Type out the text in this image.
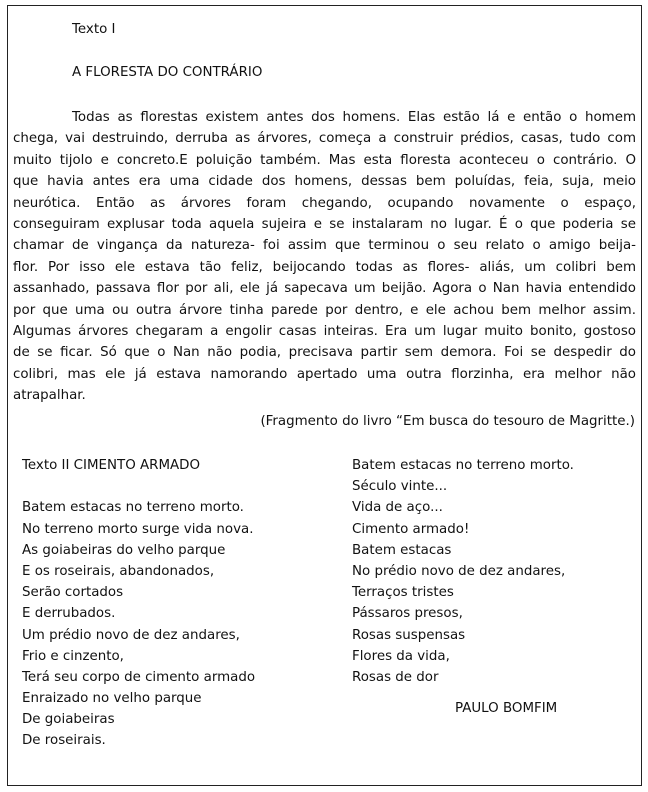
Texto I
A FLORESTA DO CONTRÁRIO
Todas as florestas existem antes dos homens. Elas estão lá e então o homem
chega, vai destruindo, derruba as árvores, começa a construir prédios, casas, tudo com
muito tijolo e concreto.E poluição também. Mas esta floresta aconteceu o contrário. O
que havia antes era uma cidade dos homens, dessas bem poluídas, feia, suja, meio
neurótica. Então as árvores foram chegando, ocupando novamente o espaço,
conseguiram explusar toda aquela sujeira e se instalaram no lugar. É o que poderia se
chamar de vingança da natureza- foi assim que terminou o seu relato o amigo beija-
flor. Por isso ele estava tão feliz, beijocando todas as flores- aliás, um colibri bem
assanhado, passava flor por ali, ele já sapecava um beijão. Agora o Nan havia entendido
por que uma ou outra árvore tinha parede por dentro, e ele achou bem melhor assim.
Algumas árvores chegaram a engolir casas inteiras. Era um lugar muito bonito, gostoso
de se ficar. Só que o Nan não podia, precisava partir sem demora. Foi se despedir do
colibri, mas ele já estava namorando apertado uma outra florzinha, era melhor não
atrapalhar.
(Fragmento do livro “Em busca do tesouro de Magritte.)
Texto II CIMENTO ARMADO
Batem estacas no terreno morto.
No terreno morto surge vida nova.
As goiabeiras do velho parque
E os roseirais, abandonados,
Serão cortados
E derrubados.
Um prédio novo de dez andares,
Frio e cinzento,
Terá seu corpo de cimento armado
Enraizado no velho parque
De goiabeiras
De roseirais.
Batem estacas no terreno morto.
Século vinte...
Vida de aço...
Cimento armado!
Batem estacas
No prédio novo de dez andares,
Terraços tristes
Pássaros presos,
Rosas suspensas
Flores da vida,
Rosas de dor
PAULO BOMFIM
